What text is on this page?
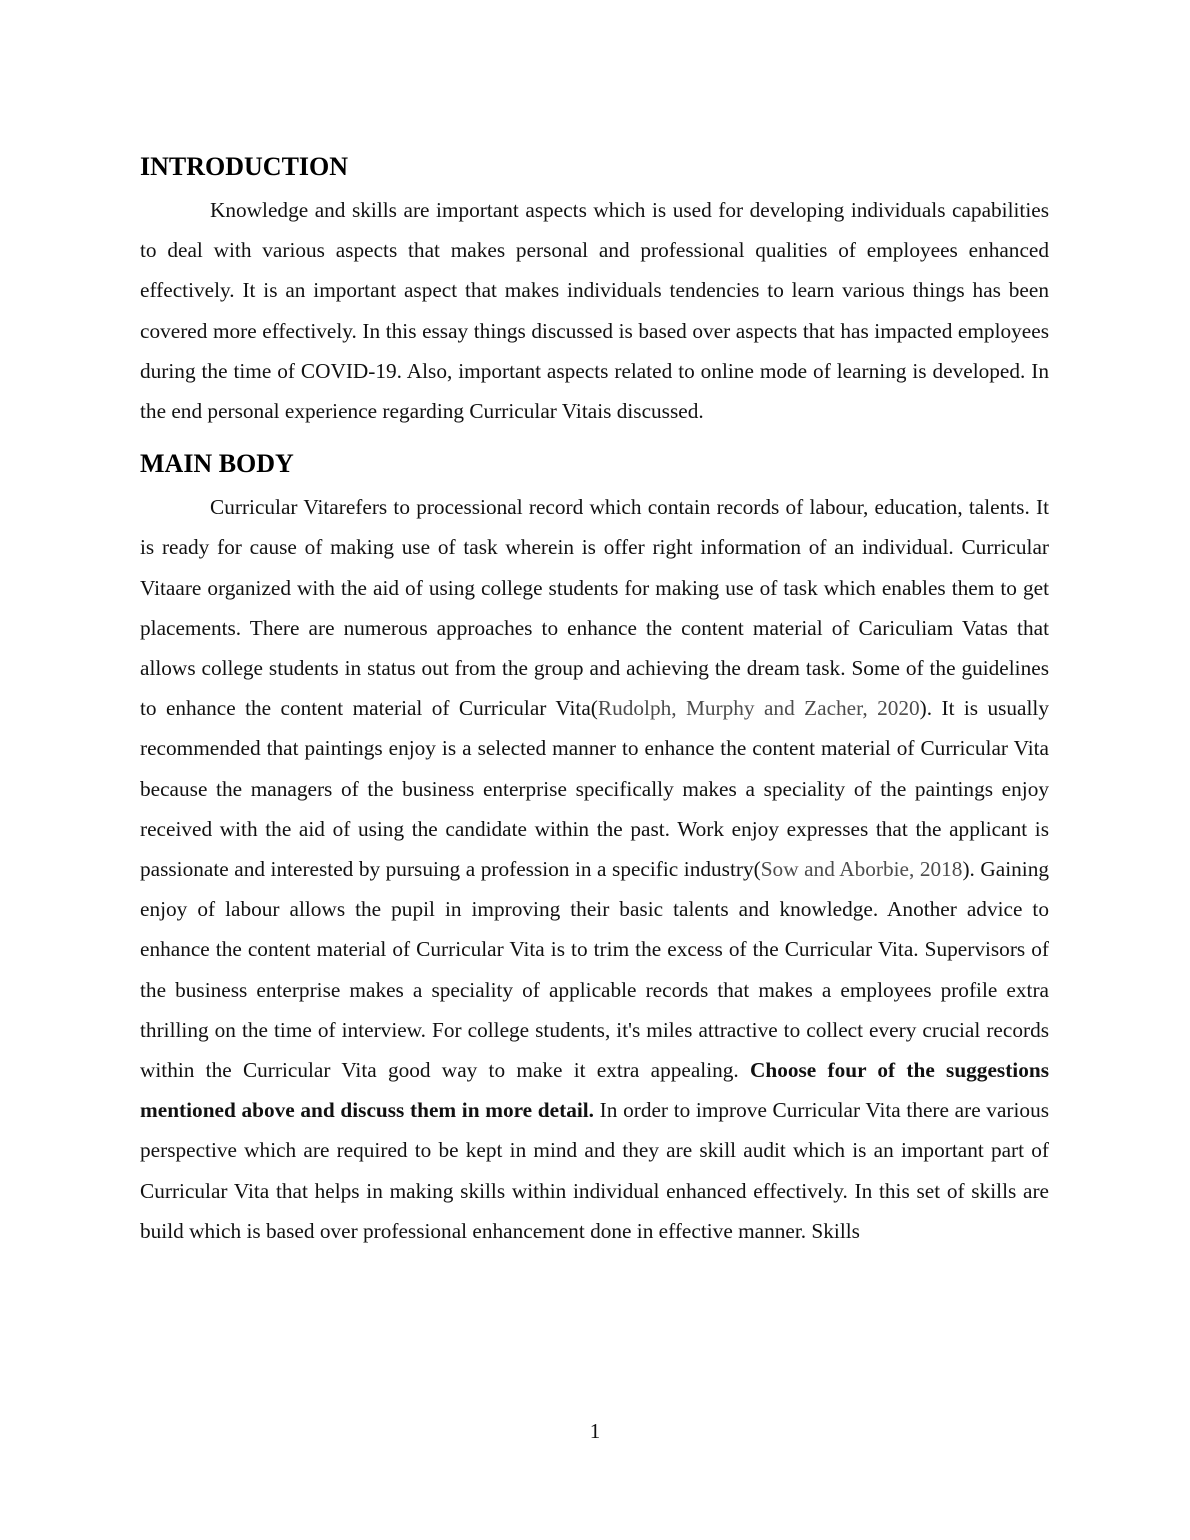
INTRODUCTION

Knowledge and skills are important aspects which is used for developing individuals capabilities to deal with various aspects that makes personal and professional qualities of employees enhanced effectively. It is an important aspect that makes individuals tendencies to learn various things has been covered more effectively. In this essay things discussed is based over aspects that has impacted employees during the time of COVID-19. Also, important aspects related to online mode of learning is developed. In the end personal experience regarding Curricular Vitais discussed.

MAIN BODY

Curricular Vitarefers to processional record which contain records of labour, education, talents. It is ready for cause of making use of task wherein is offer right information of an individual. Curricular Vitaare organized with the aid of using college students for making use of task which enables them to get placements. There are numerous approaches to enhance the content material of Cariculiam Vatas that allows college students in status out from the group and achieving the dream task. Some of the guidelines to enhance the content material of Curricular Vita(Rudolph, Murphy and Zacher, 2020). It is usually recommended that paintings enjoy is a selected manner to enhance the content material of Curricular Vita because the managers of the business enterprise specifically makes a speciality of the paintings enjoy received with the aid of using the candidate within the past. Work enjoy expresses that the applicant is passionate and interested by pursuing a profession in a specific industry(Sow and Aborbie, 2018). Gaining enjoy of labour allows the pupil in improving their basic talents and knowledge. Another advice to enhance the content material of Curricular Vita is to trim the excess of the Curricular Vita. Supervisors of the business enterprise makes a speciality of applicable records that makes a employees profile extra thrilling on the time of interview. For college students, it's miles attractive to collect every crucial records within the Curricular Vita good way to make it extra appealing. Choose four of the suggestions mentioned above and discuss them in more detail. In order to improve Curricular Vita there are various perspective which are required to be kept in mind and they are skill audit which is an important part of Curricular Vita that helps in making skills within individual enhanced effectively. In this set of skills are build which is based over professional enhancement done in effective manner. Skills

1
